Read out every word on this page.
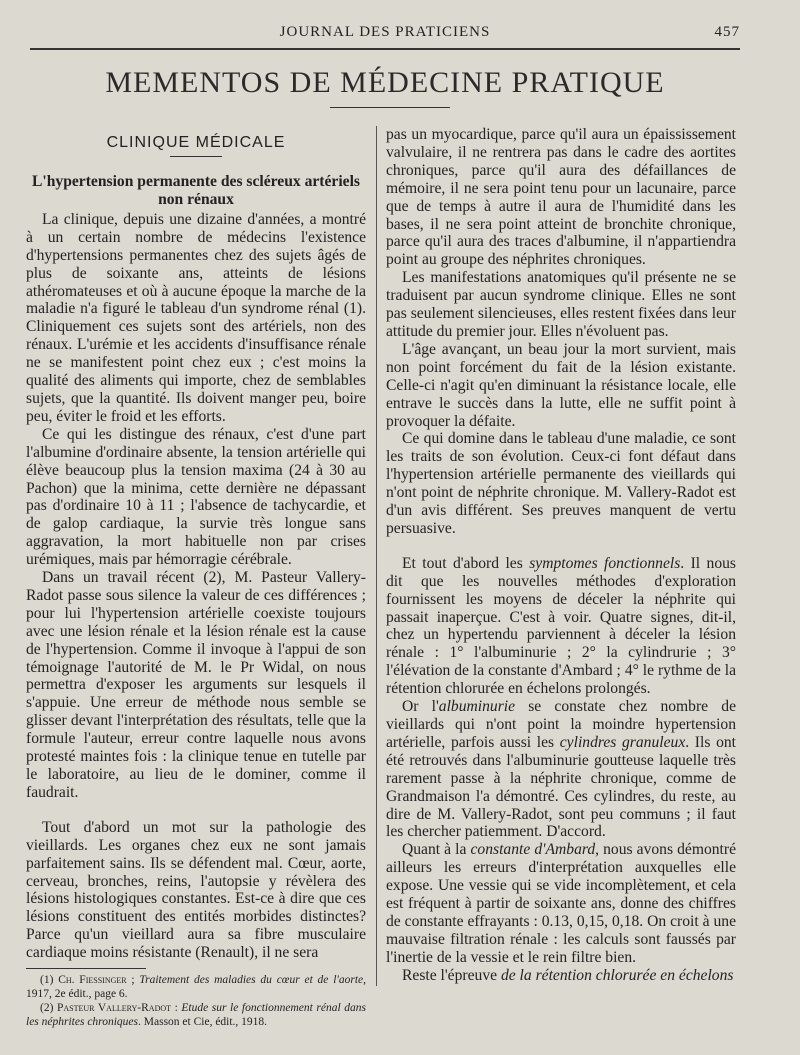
JOURNAL DES PRATICIENS	457
MEMENTOS DE MÉDECINE PRATIQUE
CLINIQUE MÉDICALE
L'hypertension permanente des scléreux artériels non rénaux

La clinique, depuis une dizaine d'années, a montré à un certain nombre de médecins l'existence d'hypertensions permanentes chez des sujets âgés de plus de soixante ans, atteints de lésions athéromateuses et où à aucune époque la marche de la maladie n'a figuré le tableau d'un syndrome rénal (1). Cliniquement ces sujets sont des artériels, non des rénaux. L'urémie et les accidents d'insuffisance rénale ne se manifestent point chez eux ; c'est moins la qualité des aliments qui importe, chez de semblables sujets, que la quantité. Ils doivent manger peu, boire peu, éviter le froid et les efforts.

Ce qui les distingue des rénaux, c'est d'une part l'albumine d'ordinaire absente, la tension artérielle qui élève beaucoup plus la tension maxima (24 à 30 au Pachon) que la minima, cette dernière ne dépassant pas d'ordinaire 10 à 11 ; l'absence de tachycardie, et de galop cardiaque, la survie très longue sans aggravation, la mort habituelle non par crises urémiques, mais par hémorragie cérébrale.

Dans un travail récent (2), M. Pasteur Vallery-Radot passe sous silence la valeur de ces différences ; pour lui l'hypertension artérielle coexiste toujours avec une lésion rénale et la lésion rénale est la cause de l'hypertension. Comme il invoque à l'appui de son témoignage l'autorité de M. le Pr Widal, on nous permettra d'exposer les arguments sur lesquels il s'appuie. Une erreur de méthode nous semble se glisser devant l'interprétation des résultats, telle que la formule l'auteur, erreur contre laquelle nous avons protesté maintes fois : la clinique tenue en tutelle par le laboratoire, au lieu de le dominer, comme il faudrait.

Tout d'abord un mot sur la pathologie des vieillards. Les organes chez eux ne sont jamais parfaitement sains. Ils se défendent mal. Cœur, aorte, cerveau, bronches, reins, l'autopsie y révèlera des lésions histologiques constantes. Est-ce à dire que ces lésions constituent des entités morbides distinctes? Parce qu'un vieillard aura sa fibre musculaire cardiaque moins résistante (Renault), il ne sera

(1) Ch. Fiessinger ; Traitement des maladies du cœur et de l'aorte, 1917, 2e édit., page 6.

(2) Pasteur Vallery-Radot : Etude sur le fonctionnement rénal dans les néphrites chroniques. Masson et Cie, édit., 1918.

pas un myocardique, parce qu'il aura un épaississement valvulaire, il ne rentrera pas dans le cadre des aortites chroniques, parce qu'il aura des défaillances de mémoire, il ne sera point tenu pour un lacunaire, parce que de temps à autre il aura de l'humidité dans les bases, il ne sera point atteint de bronchite chronique, parce qu'il aura des traces d'albumine, il n'appartiendra point au groupe des néphrites chroniques.

Les manifestations anatomiques qu'il présente ne se traduisent par aucun syndrome clinique. Elles ne sont pas seulement silencieuses, elles restent fixées dans leur attitude du premier jour. Elles n'évoluent pas.

L'âge avançant, un beau jour la mort survient, mais non point forcément du fait de la lésion existante. Celle-ci n'agit qu'en diminuant la résistance locale, elle entrave le succès dans la lutte, elle ne suffit point à provoquer la défaite.

Ce qui domine dans le tableau d'une maladie, ce sont les traits de son évolution. Ceux-ci font défaut dans l'hypertension artérielle permanente des vieillards qui n'ont point de néphrite chronique. M. Vallery-Radot est d'un avis différent. Ses preuves manquent de vertu persuasive.

Et tout d'abord les symptomes fonctionnels. Il nous dit que les nouvelles méthodes d'exploration fournissent les moyens de déceler la néphrite qui passait inaperçue. C'est à voir. Quatre signes, dit-il, chez un hypertendu parviennent à déceler la lésion rénale : 1° l'albuminurie ; 2° la cylindrurie ; 3° l'élévation de la constante d'Ambard ; 4° le rythme de la rétention chlorurée en échelons prolongés.

Or l'albuminurie se constate chez nombre de vieillards qui n'ont point la moindre hypertension artérielle, parfois aussi les cylindres granuleux. Ils ont été retrouvés dans l'albuminurie goutteuse laquelle très rarement passe à la néphrite chronique, comme de Grandmaison l'a démontré. Ces cylindres, du reste, au dire de M. Vallery-Radot, sont peu communs ; il faut les chercher patiemment. D'accord.

Quant à la constante d'Ambard, nous avons démontré ailleurs les erreurs d'interprétation auxquelles elle expose. Une vessie qui se vide incomplètement, et cela est fréquent à partir de soixante ans, donne des chiffres de constante effrayants : 0.13, 0,15, 0,18. On croit à une mauvaise filtration rénale : les calculs sont faussés par l'inertie de la vessie et le rein filtre bien.

Reste l'épreuve de la rétention chlorurée en échelons
